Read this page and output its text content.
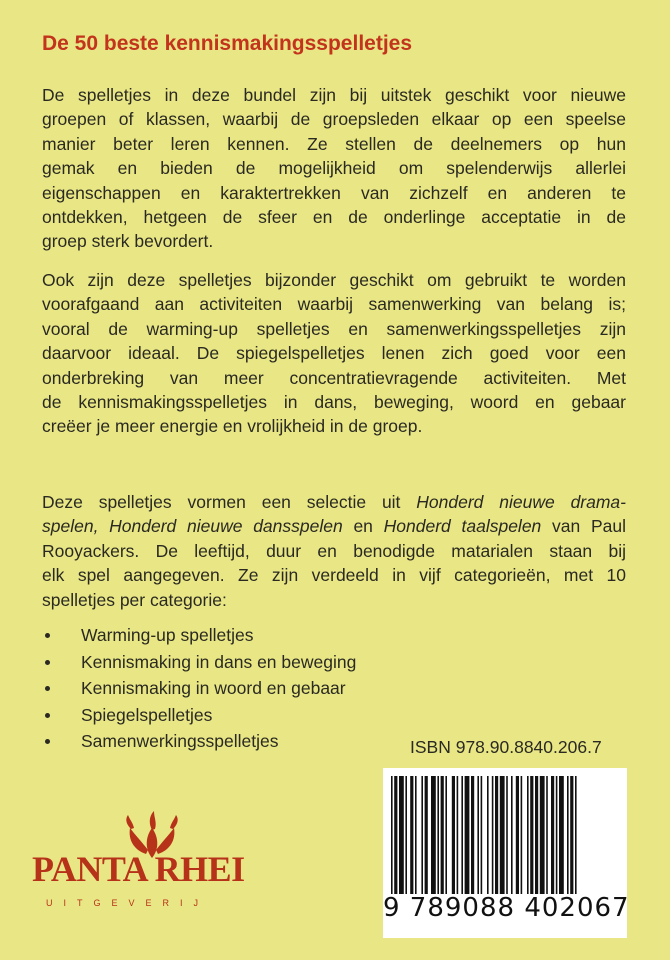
De 50 beste kennismakingsspelletjes
De spelletjes in deze bundel zijn bij uitstek geschikt voor nieuwe
groepen of klassen, waarbij de groepsleden elkaar op een speelse
manier beter leren kennen. Ze stellen de deelnemers op hun
gemak en bieden de mogelijkheid om spelenderwijs allerlei
eigenschappen en karaktertrekken van zichzelf en anderen te
ontdekken, hetgeen de sfeer en de onderlinge acceptatie in de
groep sterk bevordert.
Ook zijn deze spelletjes bijzonder geschikt om gebruikt te worden
voorafgaand aan activiteiten waarbij samenwerking van belang is;
vooral de warming-up spelletjes en samenwerkingsspelletjes zijn
daarvoor ideaal. De spiegelspelletjes lenen zich goed voor een
onderbreking van meer concentratievragende activiteiten. Met
de kennismakingsspelletjes in dans, beweging, woord en gebaar
creëer je meer energie en vrolijkheid in de groep.
Deze spelletjes vormen een selectie uit Honderd nieuwe drama-
spelen, Honderd nieuwe dansspelen en Honderd taalspelen van Paul
Rooyackers. De leeftijd, duur en benodigde matarialen staan bij
elk spel aangegeven. Ze zijn verdeeld in vijf categorieën, met 10
spelletjes per categorie:
Warming-up spelletjes
Kennismaking in dans en beweging
Kennismaking in woord en gebaar
Spiegelspelletjes
Samenwerkingsspelletjes	ISBN 978.90.8840.206.7
9 789088 402067
PANTA RHEI
UITGEVERIJ
